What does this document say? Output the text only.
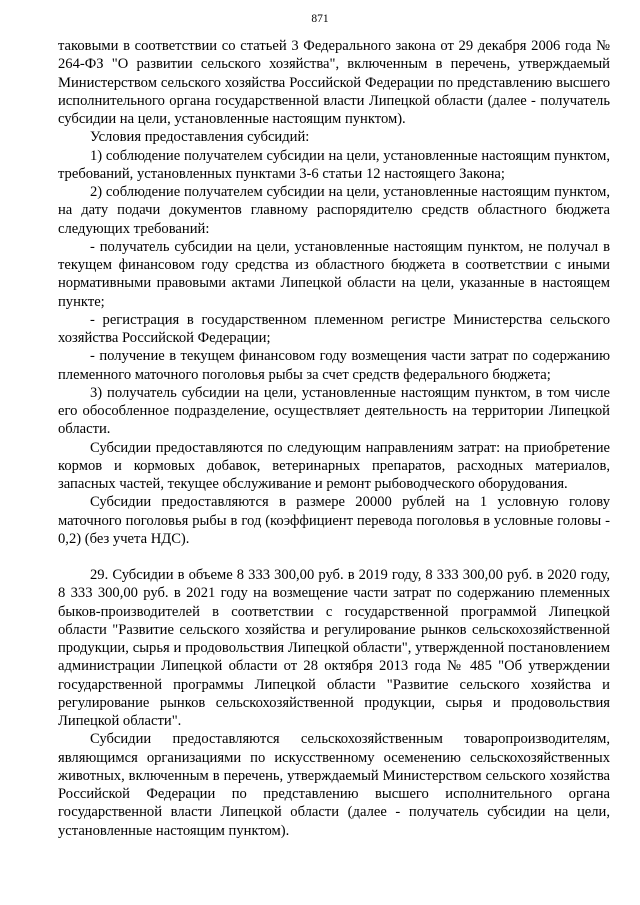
871

таковыми в соответствии со статьей 3 Федерального закона от 29 декабря 2006 года № 264-ФЗ "О развитии сельского хозяйства", включенным в перечень, утверждаемый Министерством сельского хозяйства Российской Федерации по представлению высшего исполнительного органа государственной власти Липецкой области (далее - получатель субсидии на цели, установленные настоящим пунктом).

Условия предоставления субсидий:

1) соблюдение получателем субсидии на цели, установленные настоящим пунктом, требований, установленных пунктами 3-6 статьи 12 настоящего Закона;

2) соблюдение получателем субсидии на цели, установленные настоящим пунктом, на дату подачи документов главному распорядителю средств областного бюджета следующих требований:

- получатель субсидии на цели, установленные настоящим пунктом, не получал в текущем финансовом году средства из областного бюджета в соответствии с иными нормативными правовыми актами Липецкой области на цели, указанные в настоящем пункте;

- регистрация в государственном племенном регистре Министерства сельского хозяйства Российской Федерации;

- получение в текущем финансовом году возмещения части затрат по содержанию племенного маточного поголовья рыбы за счет средств федерального бюджета;

3) получатель субсидии на цели, установленные настоящим пунктом, в том числе его обособленное подразделение, осуществляет деятельность на территории Липецкой области.

Субсидии предоставляются по следующим направлениям затрат: на приобретение кормов и кормовых добавок, ветеринарных препаратов, расходных материалов, запасных частей, текущее обслуживание и ремонт рыбоводческого оборудования.

Субсидии предоставляются в размере 20000 рублей на 1 условную голову маточного поголовья рыбы в год (коэффициент перевода поголовья в условные головы - 0,2) (без учета НДС).

29. Субсидии в объеме 8 333 300,00 руб. в 2019 году, 8 333 300,00 руб. в 2020 году, 8 333 300,00 руб. в 2021 году на возмещение части затрат по содержанию племенных быков-производителей в соответствии с государственной программой Липецкой области "Развитие сельского хозяйства и регулирование рынков сельскохозяйственной продукции, сырья и продовольствия Липецкой области", утвержденной постановлением администрации Липецкой области от 28 октября 2013 года № 485 "Об утверждении государственной программы Липецкой области "Развитие сельского хозяйства и регулирование рынков сельскохозяйственной продукции, сырья и продовольствия Липецкой области".

Субсидии предоставляются сельскохозяйственным товаропроизводителям, являющимся организациями по искусственному осеменению сельскохозяйственных животных, включенным в перечень, утверждаемый Министерством сельского хозяйства Российской Федерации по представлению высшего исполнительного органа государственной власти Липецкой области (далее - получатель субсидии на цели, установленные настоящим пунктом).
